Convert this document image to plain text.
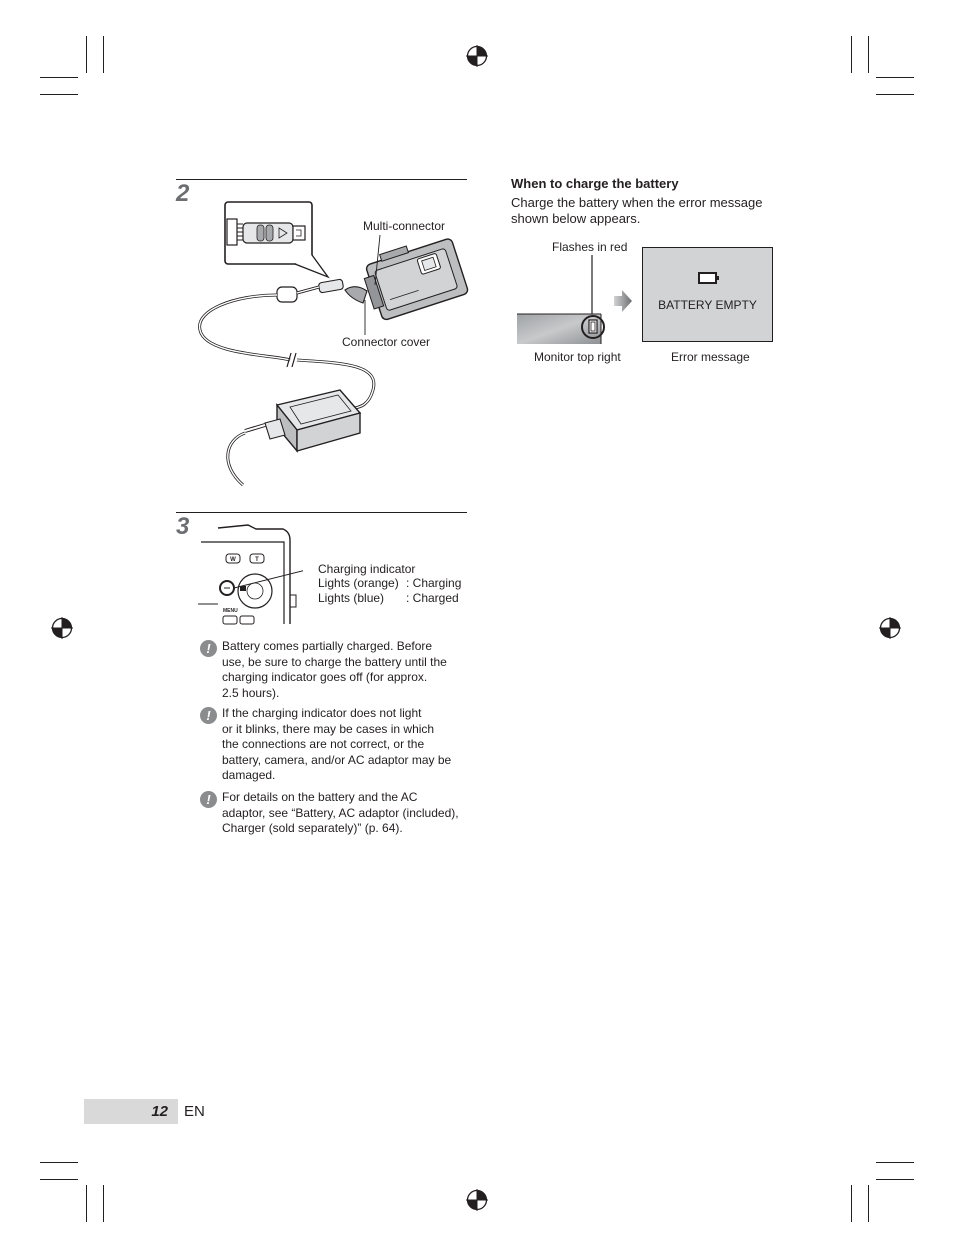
2
Multi-connector
Connector cover
3
W	T
MENU
Charging indicator
Lights (orange) : Charging
Lights (blue) : Charged
! Battery comes partially charged. Before
use, be sure to charge the battery until the
charging indicator goes off (for approx.
2.5 hours).
! If the charging indicator does not light
or it blinks, there may be cases in which
the connections are not correct, or the
battery, camera, and/or AC adaptor may be
damaged.
! For details on the battery and the AC
adaptor, see “Battery, AC adaptor (included),
Charger (sold separately)” (p. 64).
When to charge the battery
Charge the battery when the error message
shown below appears.
Flashes in red
BATTERY EMPTY
Monitor top right	Error message
12 EN
